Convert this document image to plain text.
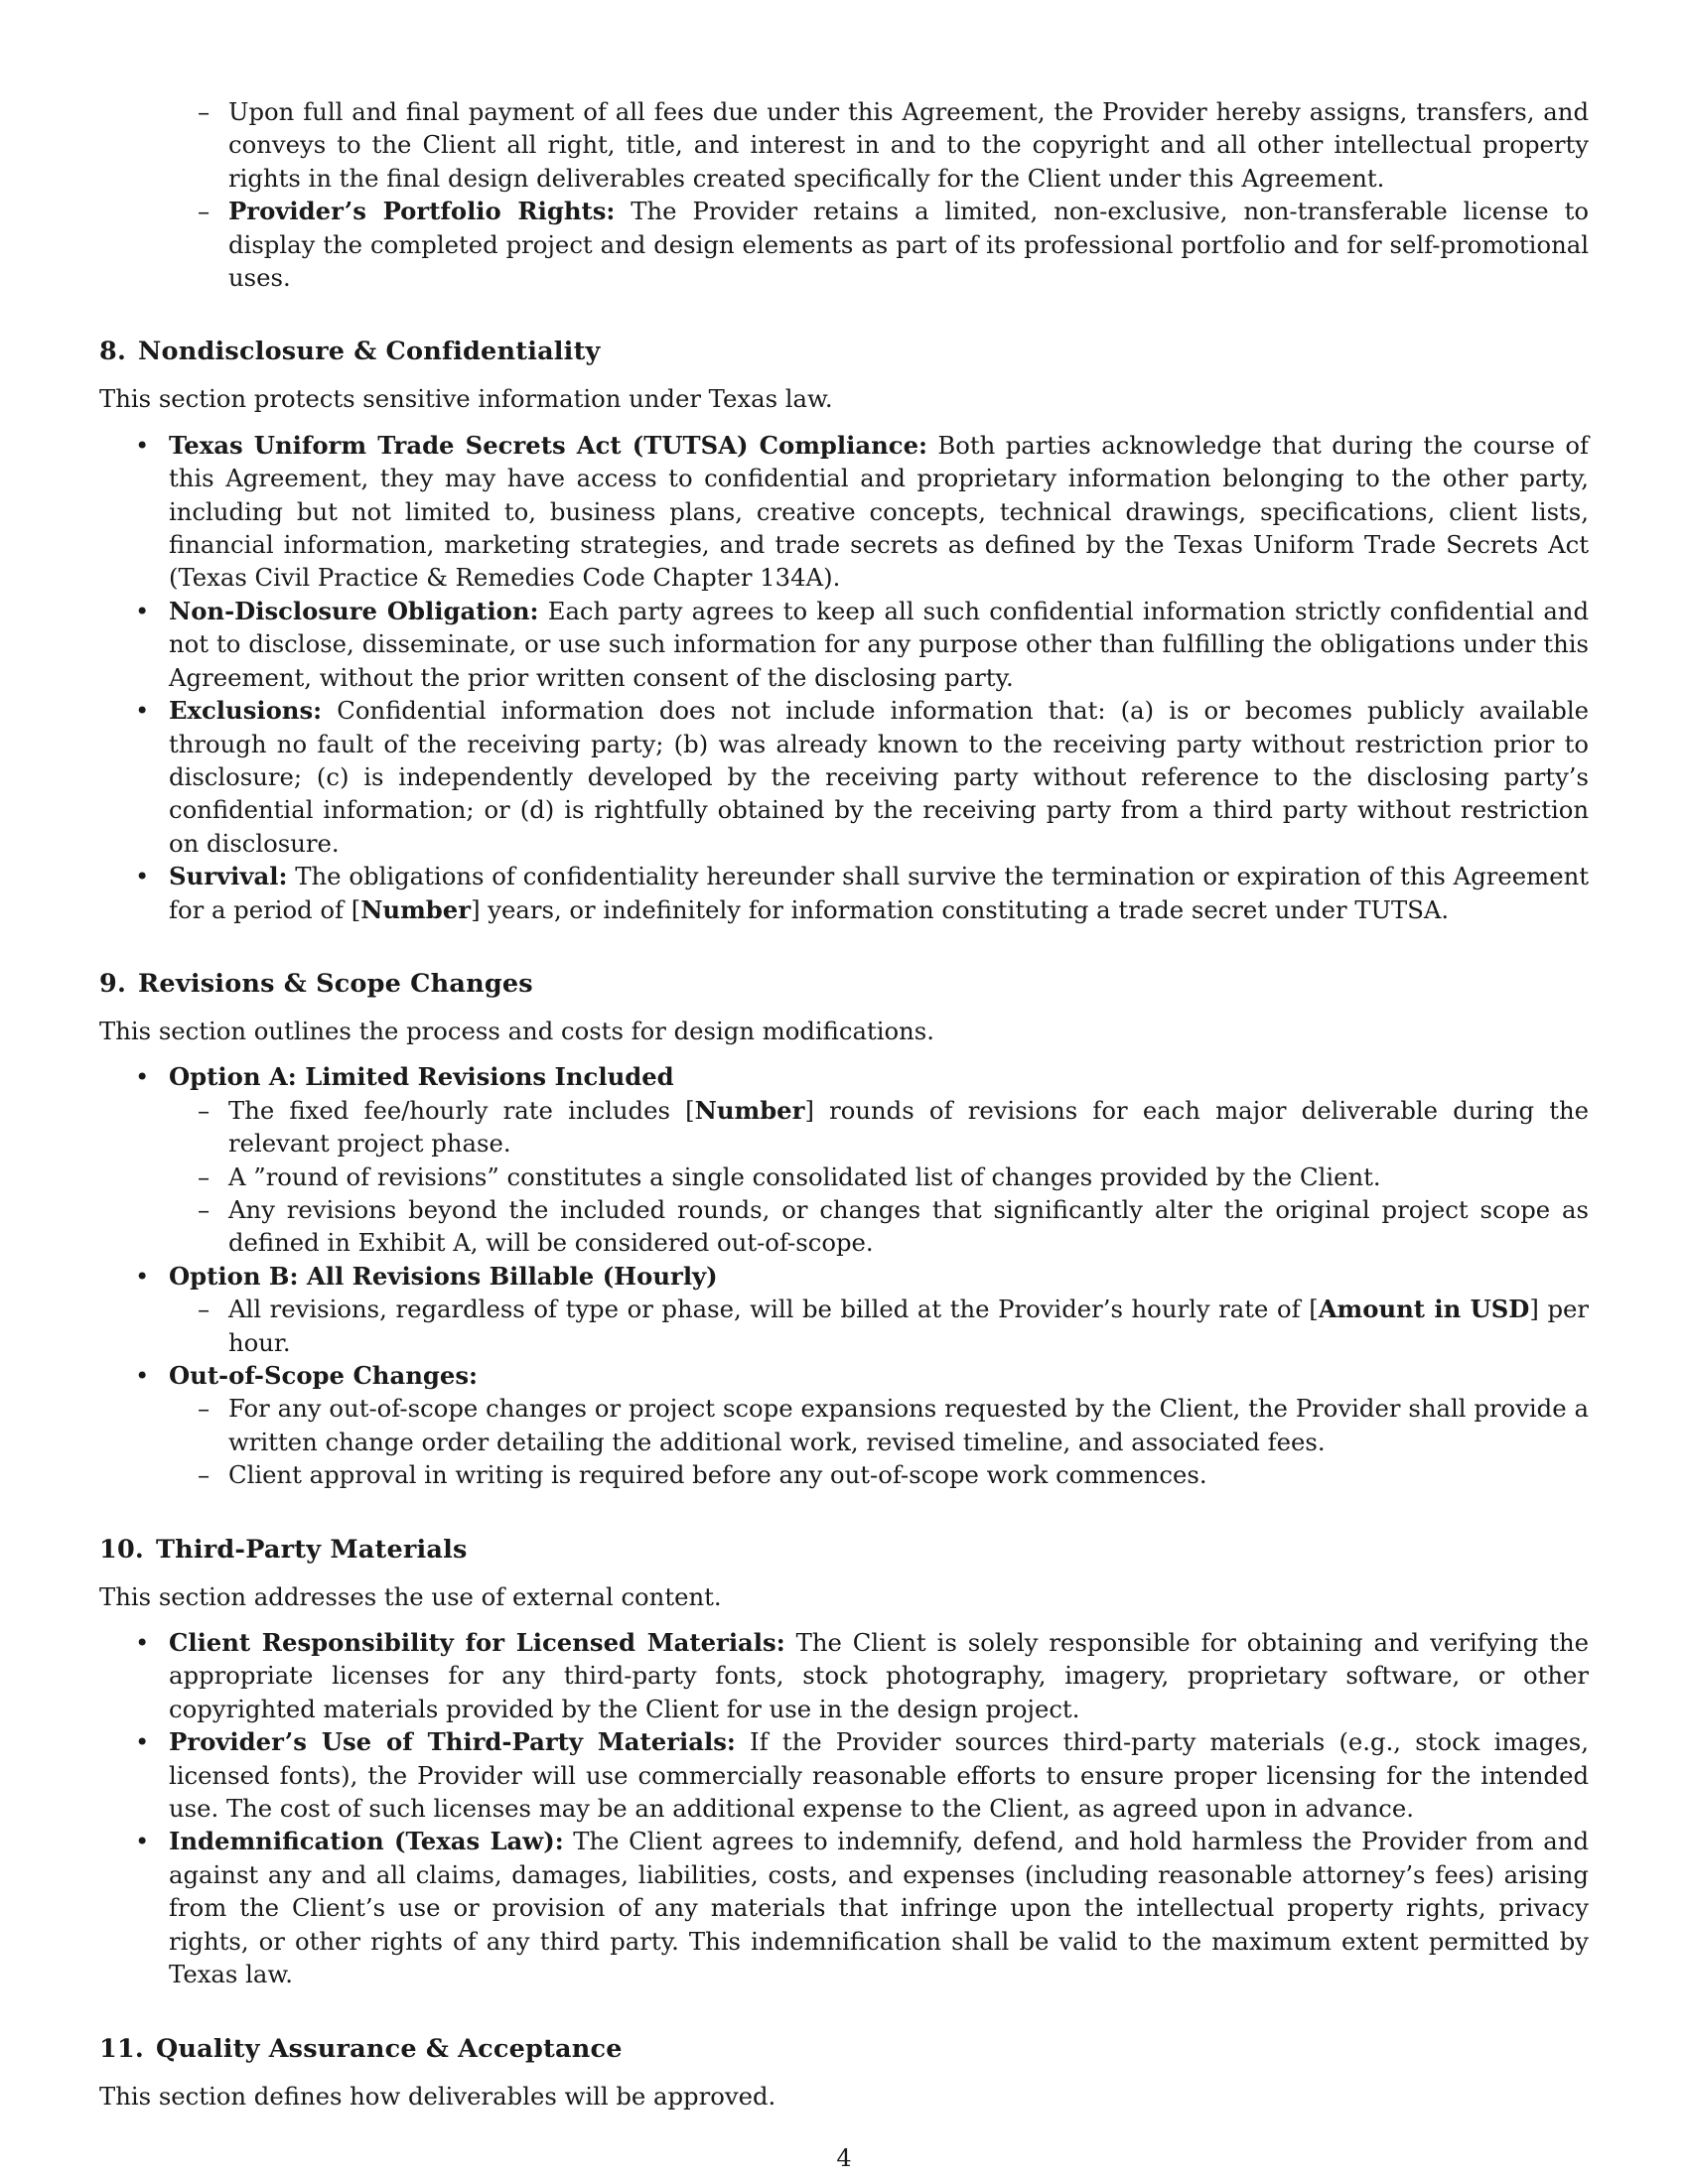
– Upon full and final payment of all fees due under this Agreement, the Provider hereby assigns, transfers, and conveys to the Client all right, title, and interest in and to the copyright and all other intellectual property rights in the final design deliverables created specifically for the Client under this Agreement.
– Provider’s Portfolio Rights: The Provider retains a limited, non-exclusive, non-transferable license to display the completed project and design elements as part of its professional portfolio and for self-promotional uses.
8. Nondisclosure & Confidentiality

This section protects sensitive information under Texas law.

• Texas Uniform Trade Secrets Act (TUTSA) Compliance: Both parties acknowledge that during the course of this Agreement, they may have access to confidential and proprietary information belonging to the other party, including but not limited to, business plans, creative concepts, technical drawings, specifications, client lists, financial information, marketing strategies, and trade secrets as defined by the Texas Uniform Trade Secrets Act (Texas Civil Practice & Remedies Code Chapter 134A).
• Non-Disclosure Obligation: Each party agrees to keep all such confidential information strictly confidential and not to disclose, disseminate, or use such information for any purpose other than fulfilling the obligations under this Agreement, without the prior written consent of the disclosing party.
• Exclusions: Confidential information does not include information that: (a) is or becomes publicly available through no fault of the receiving party; (b) was already known to the receiving party without restriction prior to disclosure; (c) is independently developed by the receiving party without reference to the disclosing party’s confidential information; or (d) is rightfully obtained by the receiving party from a third party without restriction on disclosure.
• Survival: The obligations of confidentiality hereunder shall survive the termination or expiration of this Agreement for a period of [Number] years, or indefinitely for information constituting a trade secret under TUTSA.
9. Revisions & Scope Changes

This section outlines the process and costs for design modifications.

• Option A: Limited Revisions Included
– The fixed fee/hourly rate includes [Number] rounds of revisions for each major deliverable during the relevant project phase.
– A ”round of revisions” constitutes a single consolidated list of changes provided by the Client.
– Any revisions beyond the included rounds, or changes that significantly alter the original project scope as defined in Exhibit A, will be considered out-of-scope.
• Option B: All Revisions Billable (Hourly)
– All revisions, regardless of type or phase, will be billed at the Provider’s hourly rate of [Amount in USD] per hour.
• Out-of-Scope Changes:
– For any out-of-scope changes or project scope expansions requested by the Client, the Provider shall provide a written change order detailing the additional work, revised timeline, and associated fees.
– Client approval in writing is required before any out-of-scope work commences.
10. Third-Party Materials

This section addresses the use of external content.

• Client Responsibility for Licensed Materials: The Client is solely responsible for obtaining and verifying the appropriate licenses for any third-party fonts, stock photography, imagery, proprietary software, or other copyrighted materials provided by the Client for use in the design project.
• Provider’s Use of Third-Party Materials: If the Provider sources third-party materials (e.g., stock images, licensed fonts), the Provider will use commercially reasonable efforts to ensure proper licensing for the intended use. The cost of such licenses may be an additional expense to the Client, as agreed upon in advance.
• Indemnification (Texas Law): The Client agrees to indemnify, defend, and hold harmless the Provider from and against any and all claims, damages, liabilities, costs, and expenses (including reasonable attorney’s fees) arising from the Client’s use or provision of any materials that infringe upon the intellectual property rights, privacy rights, or other rights of any third party. This indemnification shall be valid to the maximum extent permitted by Texas law.
11. Quality Assurance & Acceptance

This section defines how deliverables will be approved.

4
